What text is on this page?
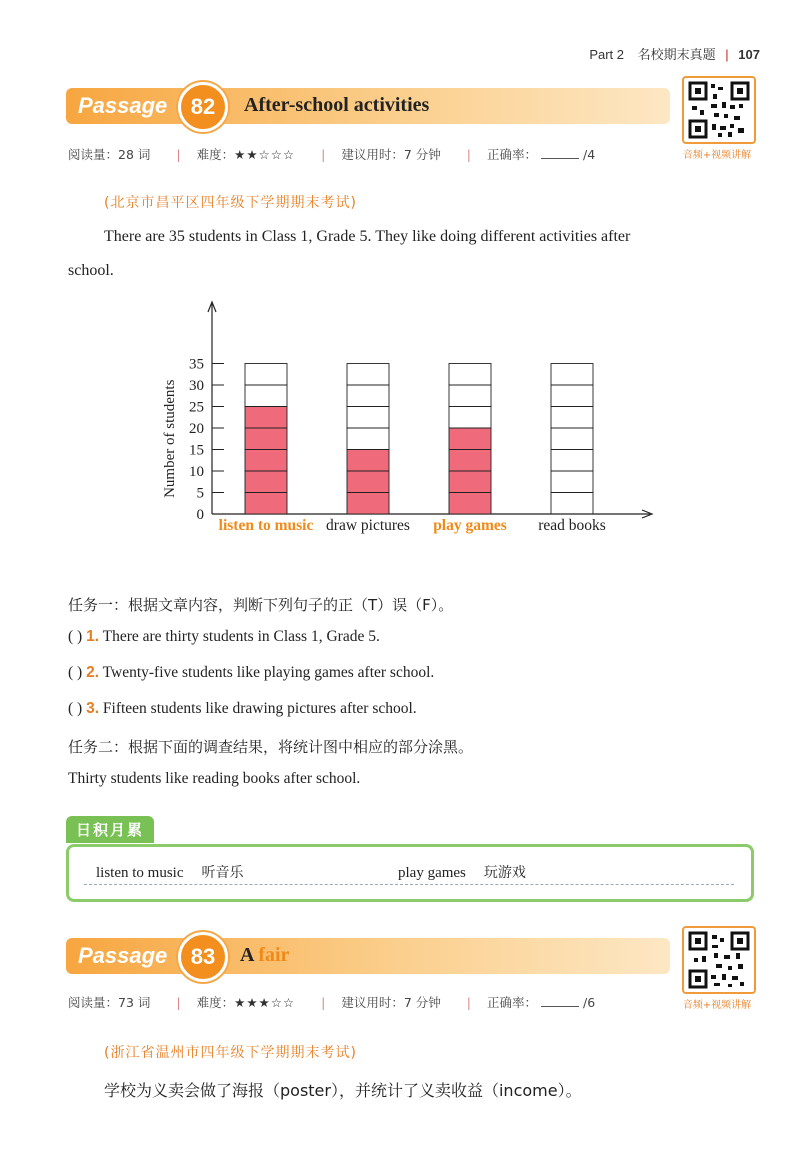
Part 2 名校期末真题 | 107
Passage	82	After-school activities
音频+视频讲解
阅读量：28 词 | 难度：★★☆☆☆ | 建议用时：7 分钟 | 正确率：	/4
(北京市昌平区四年级下学期期末考试)
There are 35 students in Class 1, Grade 5. They like doing different activities after
school.
0
5
10
15
20
25
30
35
Number of students
listen to music draw pictures play games read books
任务一：根据文章内容，判断下列句子的正（T）误（F）。
( ) 1. There are thirty students in Class 1, Grade 5.
( ) 2. Twenty-five students like playing games after school.
( ) 3. Fifteen students like drawing pictures after school.
任务二：根据下面的调查结果，将统计图中相应的部分涂黑。
Thirty students like reading books after school.
日积月累
listen to music 听音乐	play games 玩游戏
Passage	83	A fair
音频+视频讲解
阅读量：73 词 | 难度：★★★☆☆ | 建议用时：7 分钟 | 正确率：	/6
(浙江省温州市四年级下学期期末考试)
学校为义卖会做了海报（poster），并统计了义卖收益（income）。
